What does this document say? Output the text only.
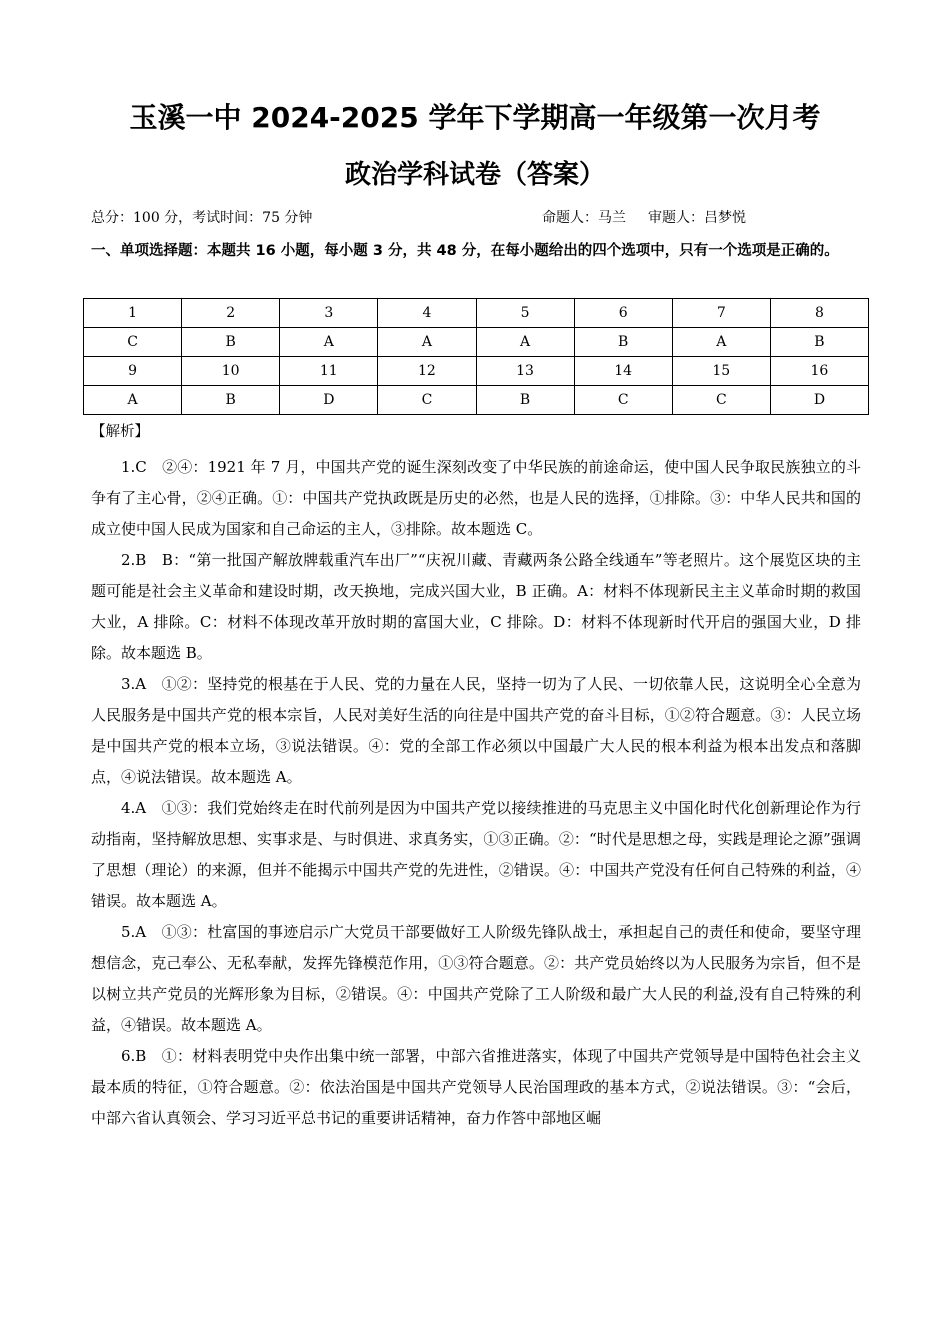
玉溪一中 2024-2025 学年下学期高一年级第一次月考
政治学科试卷（答案）
总分：100 分，考试时间：75 分钟	命题人：马兰 审题人：吕梦悦
一、单项选择题：本题共 16 小题，每小题 3 分，共 48 分，在每小题给出的四个选项中，只有一个选项是正确的。
1	2	3	4	5	6	7	8
C	B	A	A	A	B	A	B
9	10	11	12	13	14	15	16
A	B	D	C	B	C	C	D
【解析】

1.C　②④：1921 年 7 月，中国共产党的诞生深刻改变了中华民族的前途命运，使中国人民争取民族独立的斗争有了主心骨，②④正确。①：中国共产党执政既是历史的必然，也是人民的选择，①排除。③：中华人民共和国的成立使中国人民成为国家和自己命运的主人，③排除。故本题选 C。

2.B　B：“第一批国产解放牌载重汽车出厂”“庆祝川藏、青藏两条公路全线通车”等老照片。这个展览区块的主题可能是社会主义革命和建设时期，改天换地，完成兴国大业，B 正确。A：材料不体现新民主主义革命时期的救国大业，A 排除。C：材料不体现改革开放时期的富国大业，C 排除。D：材料不体现新时代开启的强国大业，D 排除。故本题选 B。

3.A　①②：坚持党的根基在于人民、党的力量在人民，坚持一切为了人民、一切依靠人民，这说明全心全意为人民服务是中国共产党的根本宗旨，人民对美好生活的向往是中国共产党的奋斗目标，①②符合题意。③：人民立场是中国共产党的根本立场，③说法错误。④：党的全部工作必须以中国最广大人民的根本利益为根本出发点和落脚点，④说法错误。故本题选 A。

4.A　①③：我们党始终走在时代前列是因为中国共产党以接续推进的马克思主义中国化时代化创新理论作为行动指南，坚持解放思想、实事求是、与时俱进、求真务实，①③正确。②：“时代是思想之母，实践是理论之源”强调了思想（理论）的来源，但并不能揭示中国共产党的先进性，②错误。④：中国共产党没有任何自己特殊的利益，④错误。故本题选 A。

5.A　①③：杜富国的事迹启示广大党员干部要做好工人阶级先锋队战士，承担起自己的责任和使命，要坚守理想信念，克己奉公、无私奉献，发挥先锋模范作用，①③符合题意。②：共产党员始终以为人民服务为宗旨，但不是以树立共产党员的光辉形象为目标，②错误。④：中国共产党除了工人阶级和最广大人民的利益,没有自己特殊的利益，④错误。故本题选 A。

6.B　①：材料表明党中央作出集中统一部署，中部六省推进落实，体现了中国共产党领导是中国特色社会主义最本质的特征，①符合题意。②：依法治国是中国共产党领导人民治国理政的基本方式，②说法错误。③：“会后，中部六省认真领会、学习习近平总书记的重要讲话精神，奋力作答中部地区崛
